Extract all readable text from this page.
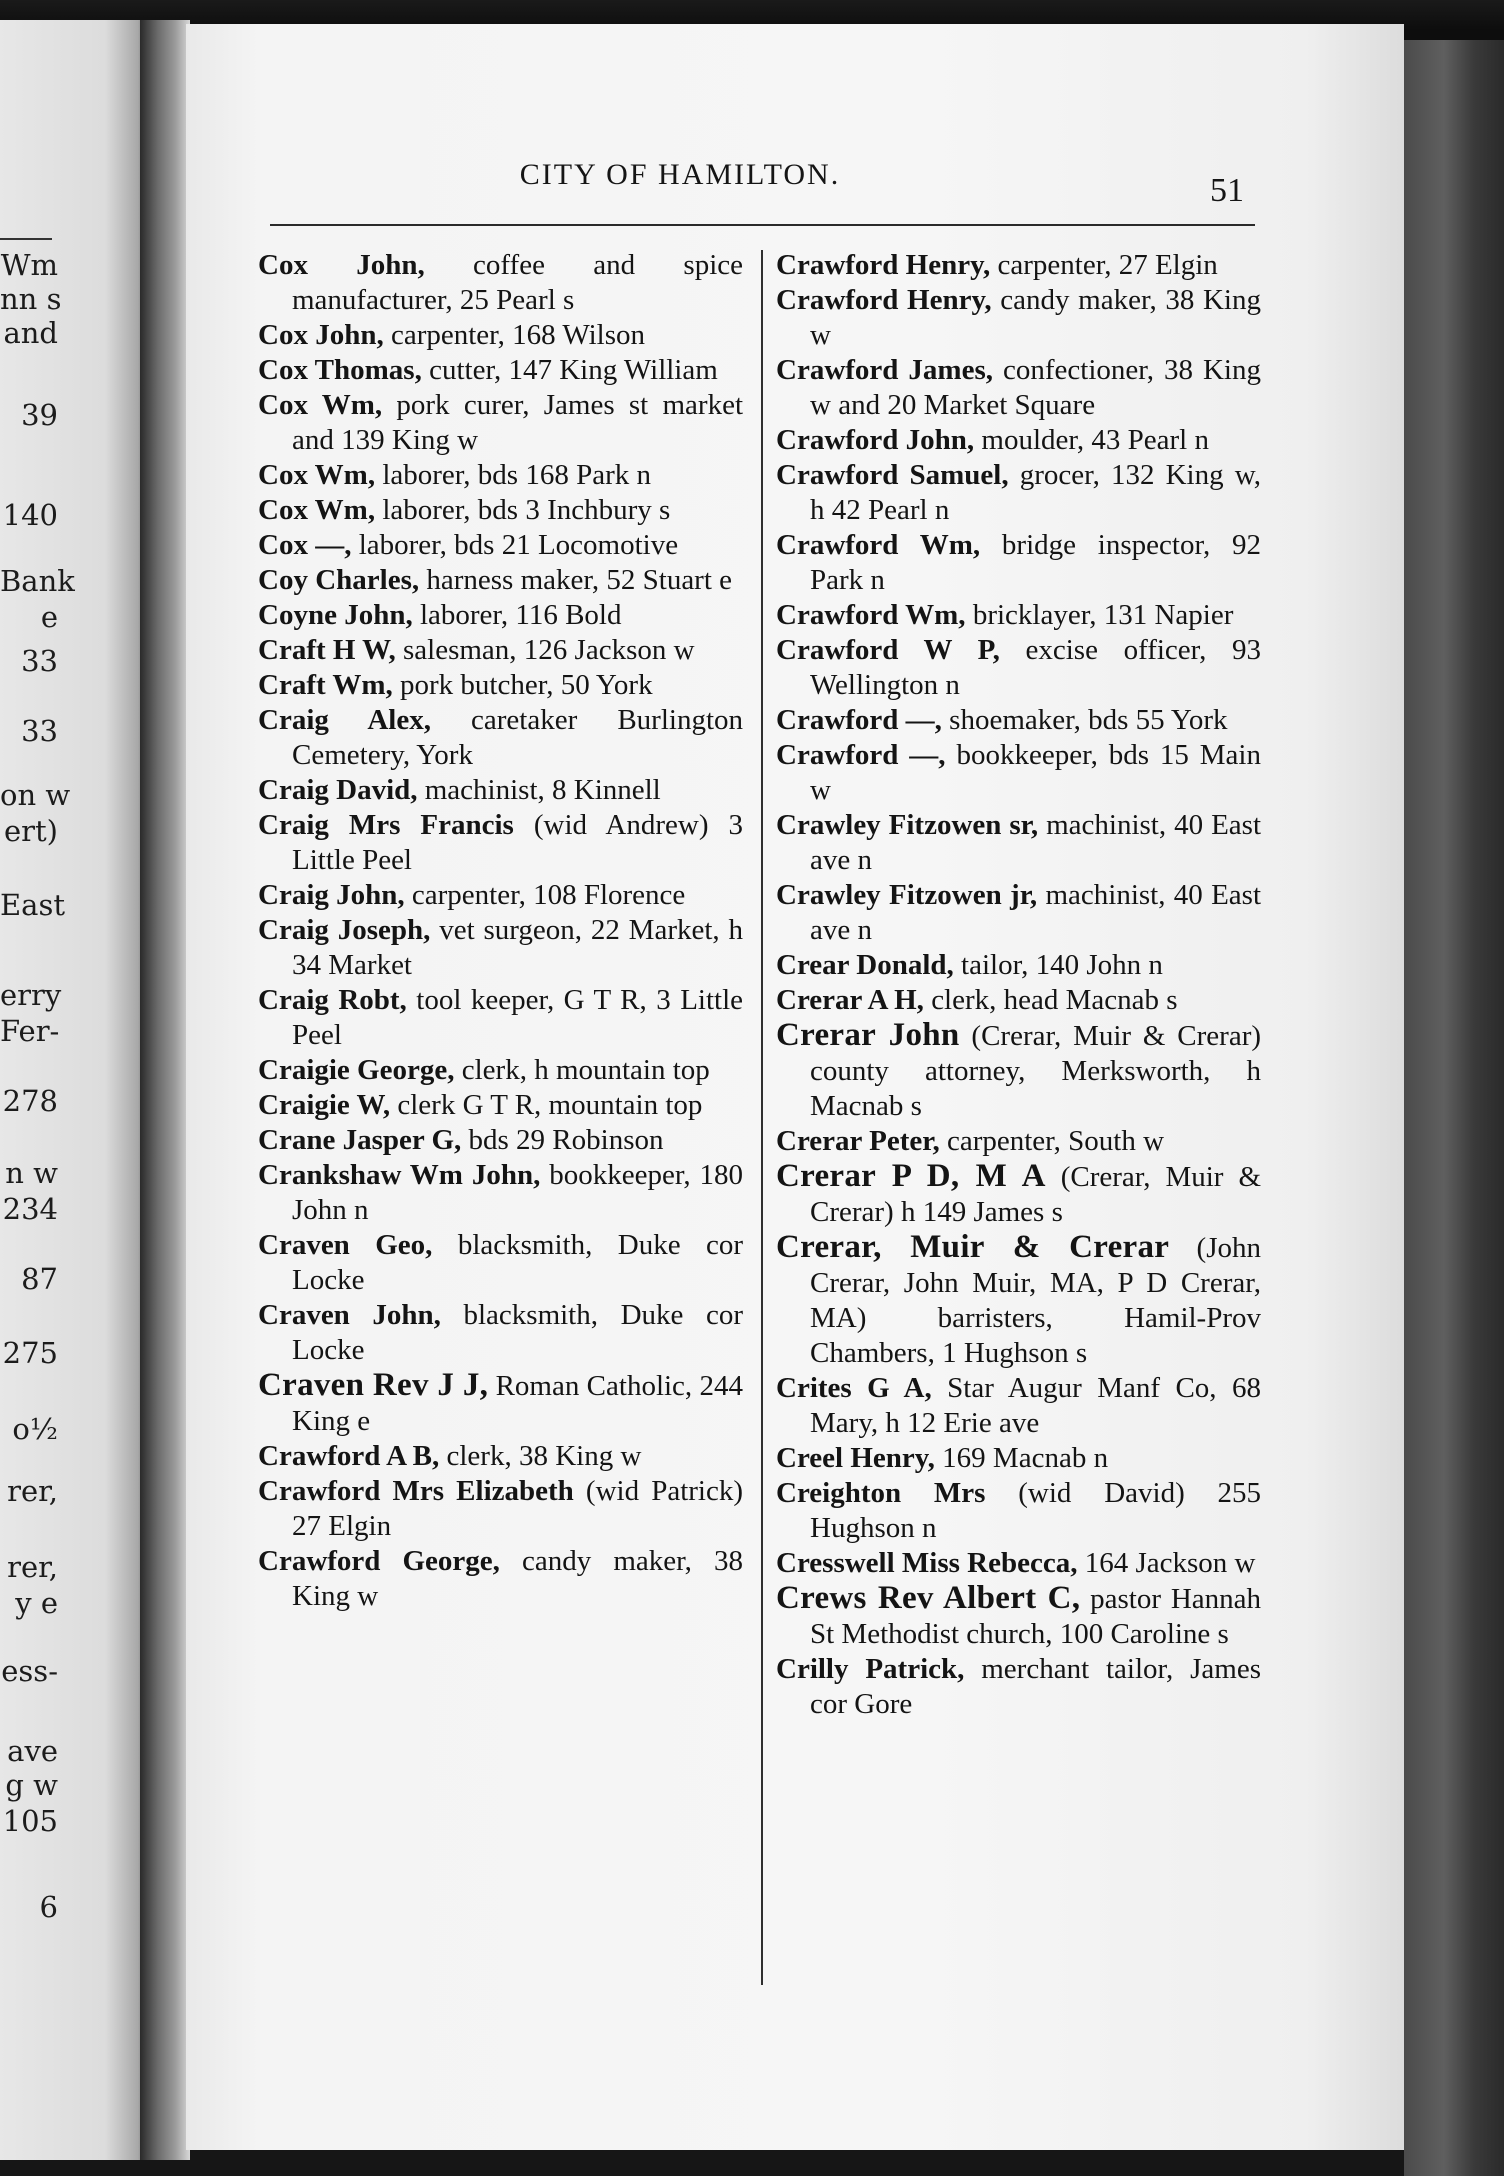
Wm
nn s
and
39
140
Bank
e
33
33
on w
ert)
East
erry
Fer-
278
n w
234
87
275
o½
rer,
rer,
y e
ess-
ave
g w
105
6
CITY OF HAMILTON.	51
Cox John, coffee and spice manufacturer, 25 Pearl s
Cox John, carpenter, 168 Wilson
Cox Thomas, cutter, 147 King William
Cox Wm, pork curer, James st market and 139 King w
Cox Wm, laborer, bds 168 Park n
Cox Wm, laborer, bds 3 Inchbury s
Cox —, laborer, bds 21 Locomotive
Coy Charles, harness maker, 52 Stuart e
Coyne John, laborer, 116 Bold
Craft H W, salesman, 126 Jackson w
Craft Wm, pork butcher, 50 York
Craig Alex, caretaker Burlington Cemetery, York
Craig David, machinist, 8 Kinnell
Craig Mrs Francis (wid Andrew) 3 Little Peel
Craig John, carpenter, 108 Florence
Craig Joseph, vet surgeon, 22 Market, h 34 Market
Craig Robt, tool keeper, G T R, 3 Little Peel
Craigie George, clerk, h mountain top
Craigie W, clerk G T R, mountain top
Crane Jasper G, bds 29 Robinson
Crankshaw Wm John, bookkeeper, 180 John n
Craven Geo, blacksmith, Duke cor Locke
Craven John, blacksmith, Duke cor Locke
Craven Rev J J, Roman Catholic, 244 King e
Crawford A B, clerk, 38 King w
Crawford Mrs Elizabeth (wid Patrick) 27 Elgin
Crawford George, candy maker, 38 King w
Crawford Henry, carpenter, 27 Elgin
Crawford Henry, candy maker, 38 King w
Crawford James, confectioner, 38 King w and 20 Market Square
Crawford John, moulder, 43 Pearl n
Crawford Samuel, grocer, 132 King w, h 42 Pearl n
Crawford Wm, bridge inspector, 92 Park n
Crawford Wm, bricklayer, 131 Napier
Crawford W P, excise officer, 93 Wellington n
Crawford —, shoemaker, bds 55 York
Crawford —, bookkeeper, bds 15 Main w
Crawley Fitzowen sr, machinist, 40 East ave n
Crawley Fitzowen jr, machinist, 40 East ave n
Crear Donald, tailor, 140 John n
Crerar A H, clerk, head Macnab s
Crerar John (Crerar, Muir & Crerar) county attorney, Merksworth, h Macnab s
Crerar Peter, carpenter, South w
Crerar P D, M A (Crerar, Muir & Crerar) h 149 James s
Crerar, Muir & Crerar (John Crerar, John Muir, MA, P D Crerar, MA) barristers, Hamil-Prov Chambers, 1 Hughson s
Crites G A, Star Augur Manf Co, 68 Mary, h 12 Erie ave
Creel Henry, 169 Macnab n
Creighton Mrs (wid David) 255 Hughson n
Cresswell Miss Rebecca, 164 Jackson w
Crews Rev Albert C, pastor Hannah St Methodist church, 100 Caroline s
Crilly Patrick, merchant tailor, James cor Gore
